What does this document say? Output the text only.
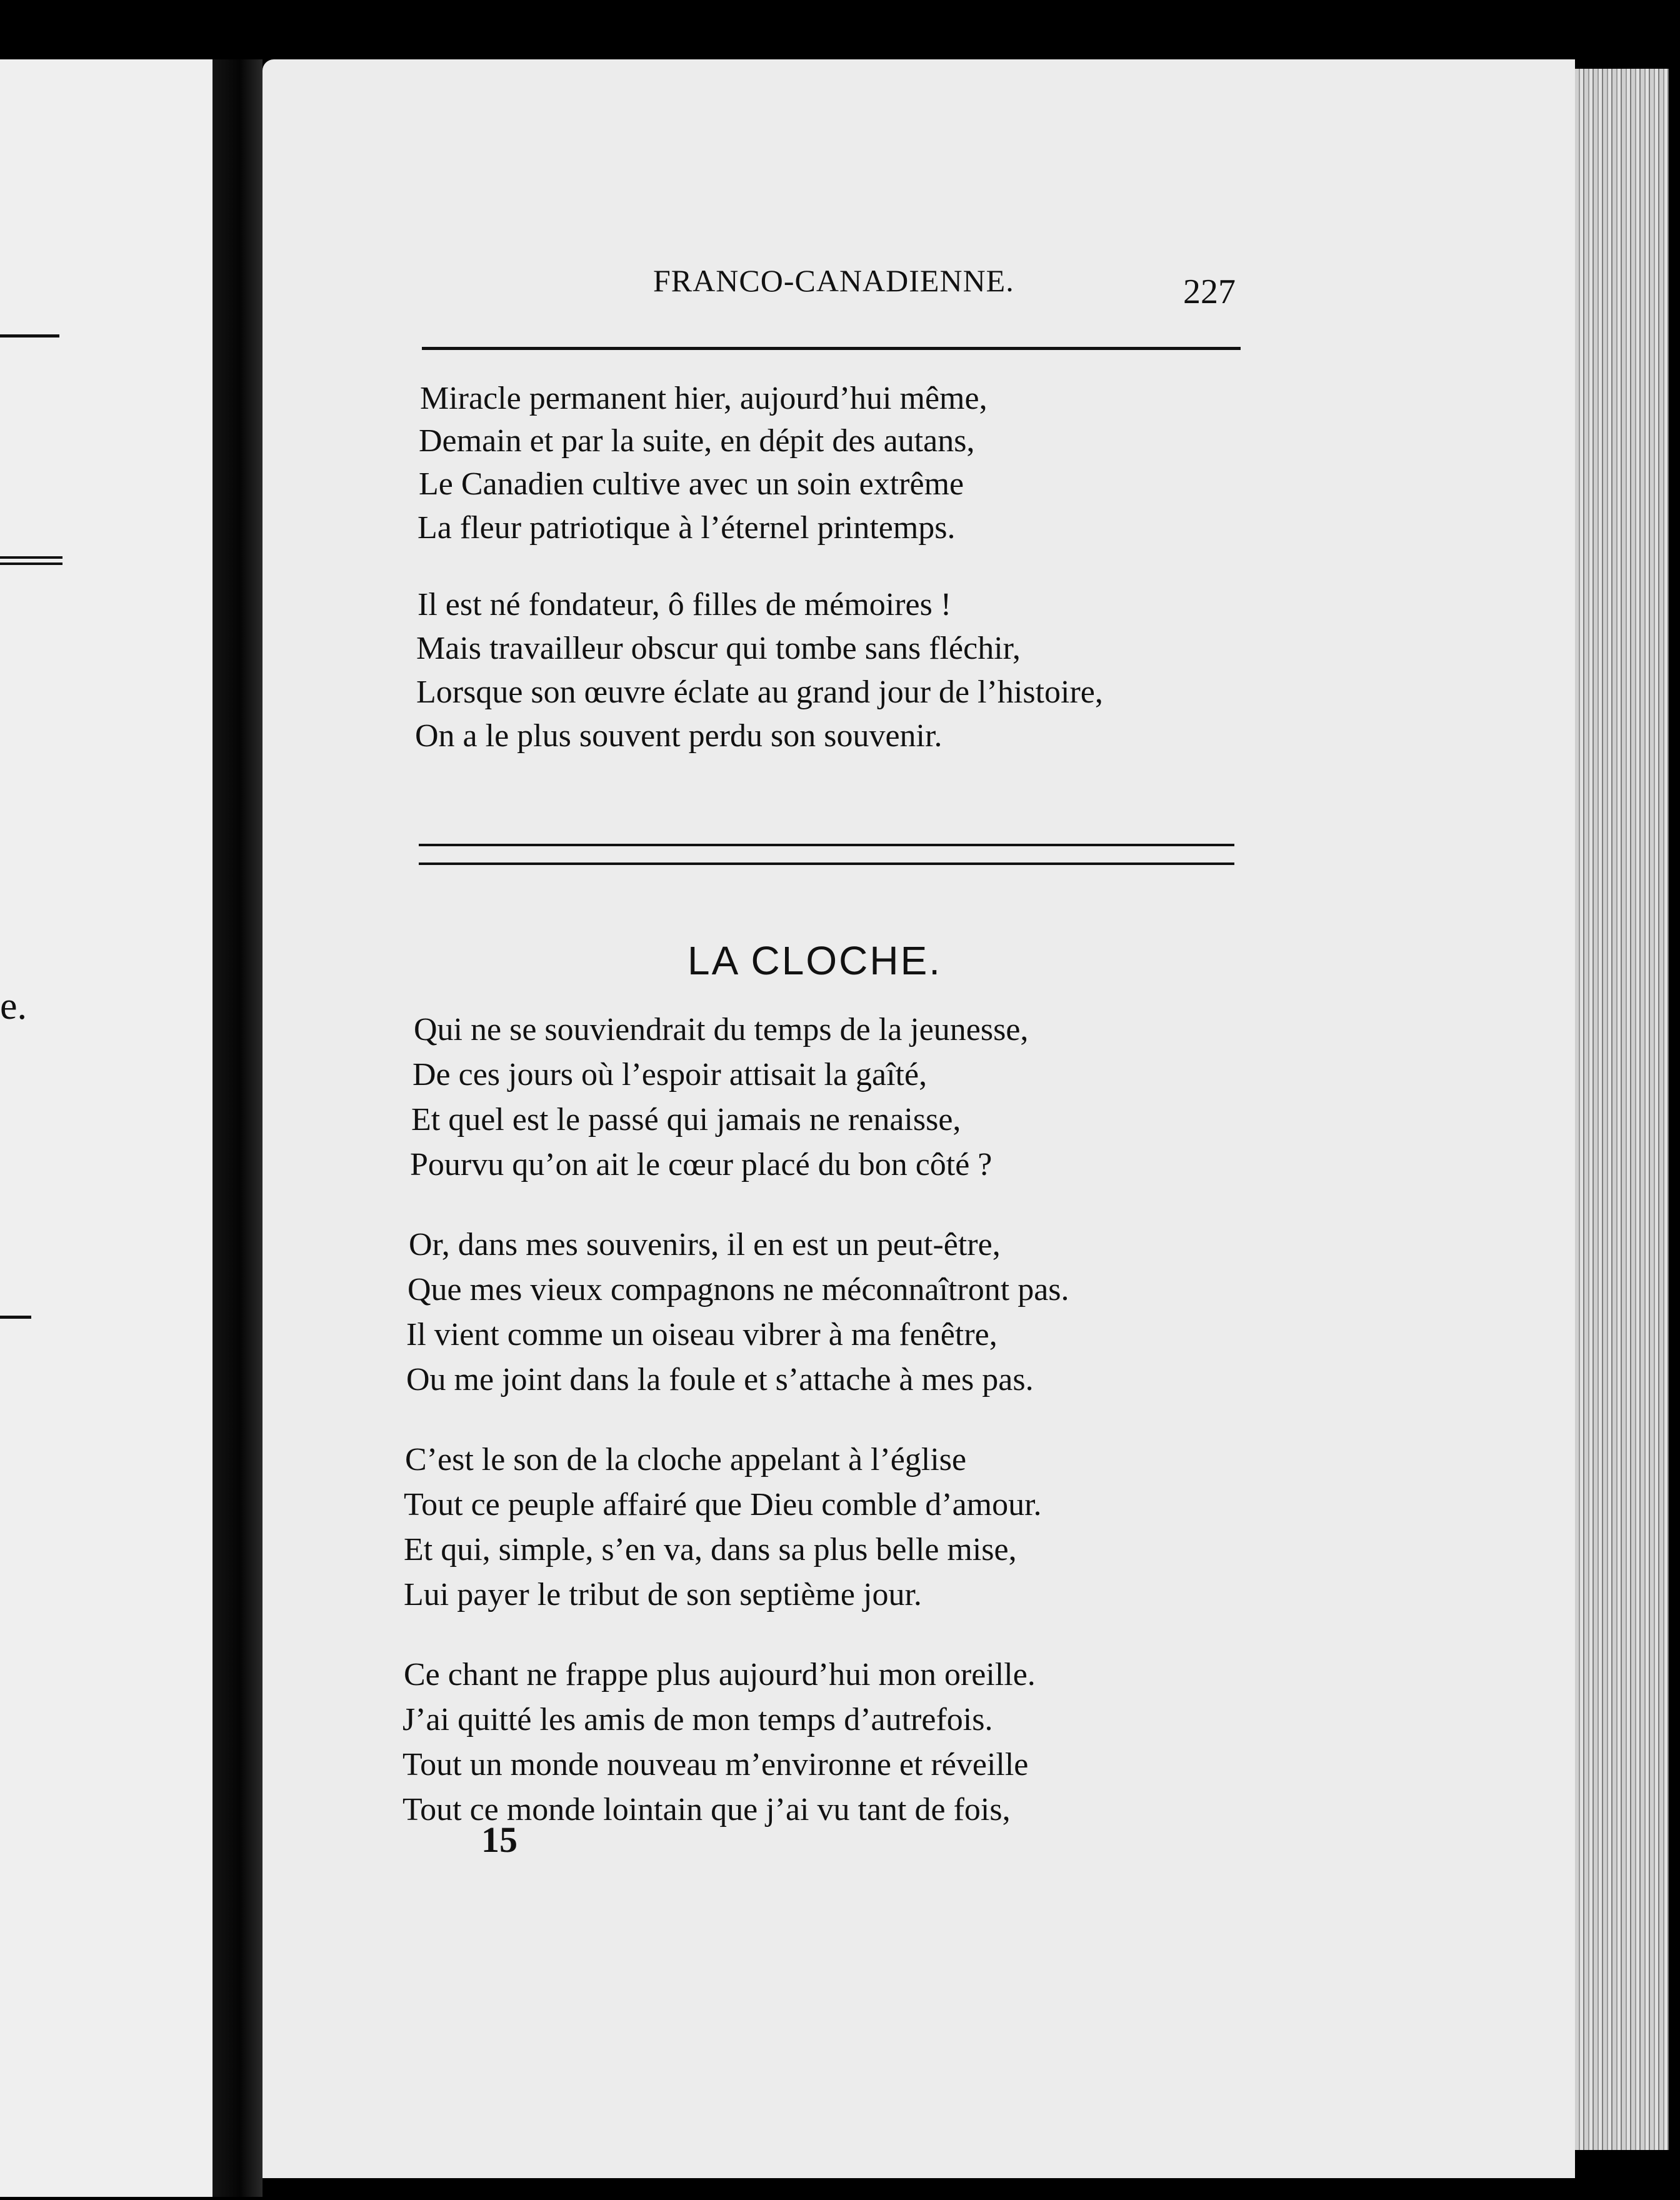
e.
FRANCO-CANADIENNE.	227
Miracle permanent hier, aujourd’hui même,
Demain et par la suite, en dépit des autans,
Le Canadien cultive avec un soin extrême
La fleur patriotique à l’éternel printemps.
Il est né fondateur, ô filles de mémoires !
Mais travailleur obscur qui tombe sans fléchir,
Lorsque son œuvre éclate au grand jour de l’histoire,
On a le plus souvent perdu son souvenir.
LA CLOCHE.
Qui ne se souviendrait du temps de la jeunesse,
De ces jours où l’espoir attisait la gaîté,
Et quel est le passé qui jamais ne renaisse,
Pourvu qu’on ait le cœur placé du bon côté ?
Or, dans mes souvenirs, il en est un peut-être,
Que mes vieux compagnons ne méconnaîtront pas.
Il vient comme un oiseau vibrer à ma fenêtre,
Ou me joint dans la foule et s’attache à mes pas.
C’est le son de la cloche appelant à l’église
Tout ce peuple affairé que Dieu comble d’amour.
Et qui, simple, s’en va, dans sa plus belle mise,
Lui payer le tribut de son septième jour.
Ce chant ne frappe plus aujourd’hui mon oreille.
J’ai quitté les amis de mon temps d’autrefois.
Tout un monde nouveau m’environne et réveille
Tout ce monde lointain que j’ai vu tant de fois,
15
